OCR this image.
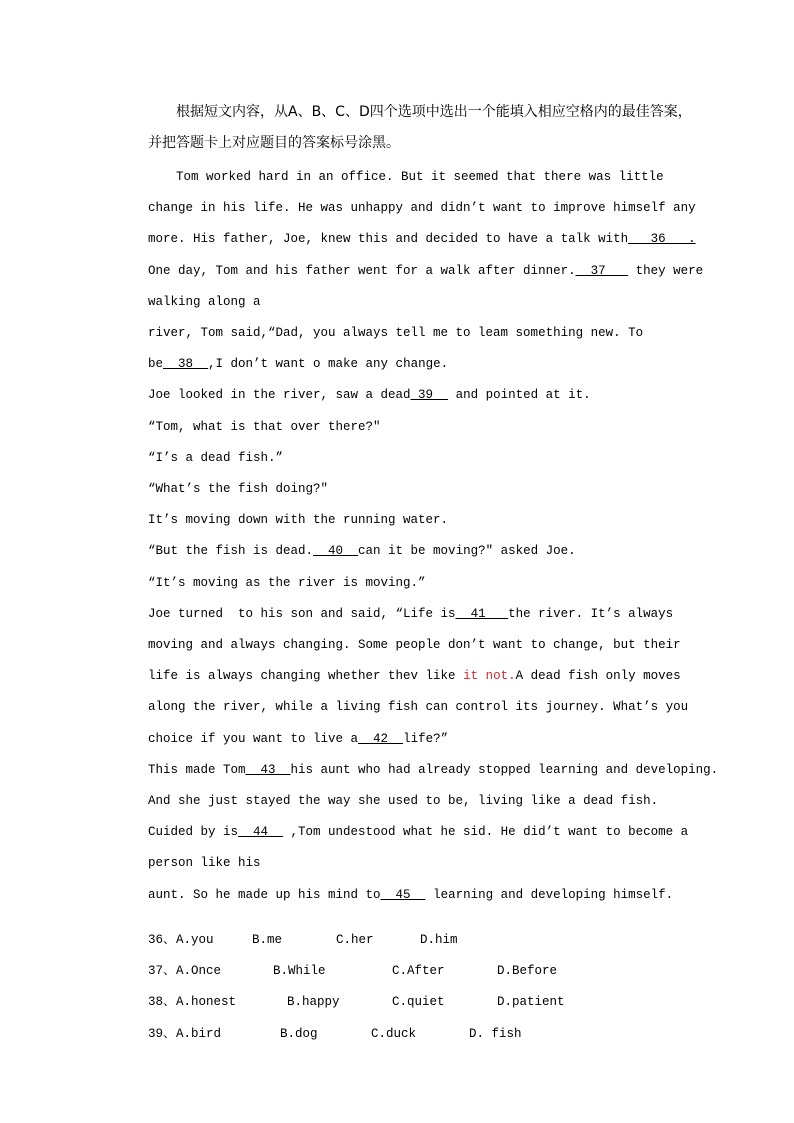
根据短文内容，从A、B、C、D四个选项中选出一个能填入相应空格内的最佳答案，
并把答题卡上对应题目的答案标号涂黑。
Tom worked hard in an office. But it seemed that there was little
change in his life. He was unhappy and didn’t want to improve himself any
more. His father, Joe, knew this and decided to have a talk with___36___.
One day, Tom and his father went for a walk after dinner._ 37 __ they were
walking along a
river, Tom said,“Dad, you always tell me to leam something new. To
be__38__,I don’t want o make any change.
Joe looked in the river, saw a dead_39__ and pointed at it.
“Tom, what is that over there?″
“I’s a dead fish.”
“What’s the fish doing?″
It’s moving down with the running water.
“But the fish is dead._ 40__can it be moving?″ asked Joe.
“It’s moving as the river is moving.”
Joe turned  to his son and said, “Life is__41___the river. It’s always
moving and always changing. Some people don’t want to change, but their
life is always changing whether thev like it not.A dead fish only moves
along the river, while a living fish can control its journey. What’s you
choice if you want to live a__42__life?”
This made Tom__43__his aunt who had already stopped learning and developing.
And she just stayed the way she used to be, living like a dead fish.
Cuided by is__44__ ,Tom undestood what he sid. He did’t want to become a
person like his
aunt. So he made up his mind to__45__ learning and developing himself.

36、 A.you	B.me	C.her	D.him

37、 A.Once	B.While	C.After	D.Before

38、 A.honest	B.happy	C.quiet	D.patient

39、 A.bird	B.dog	C.duck	D. fish
